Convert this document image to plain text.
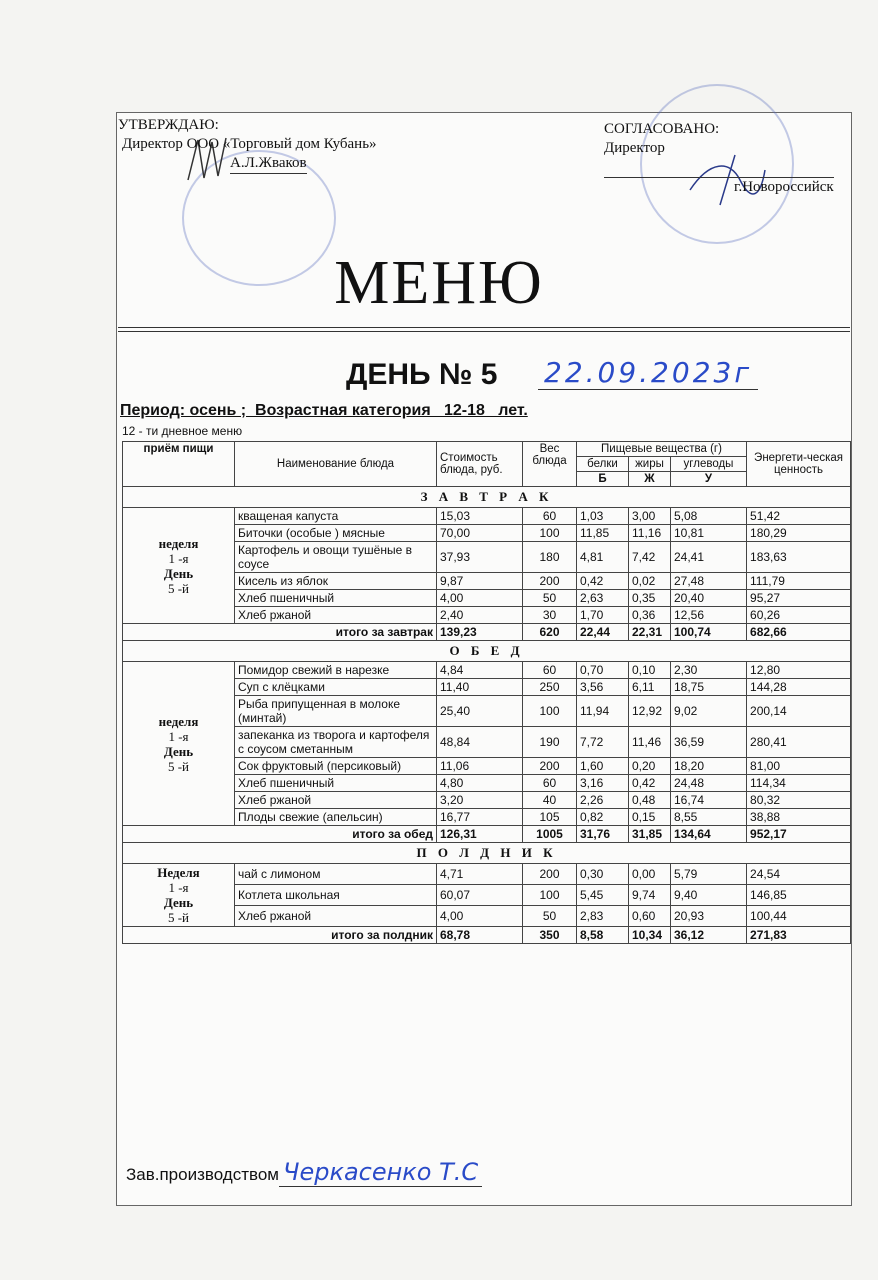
УТВЕРЖДАЮ:
Директор ООО «Торговый дом Кубань»
А.Л.Жваков
СОГЛАСОВАНО:
Директор
г.Новороссийск
МЕНЮ
ДЕНЬ № 5 22.09.2023г
Период: осень ;  Возрастная категория   12-18   лет.
12 - ти дневное меню
приём пищи	Наименование блюда	Стоимость блюда, руб.	Вес блюда	Пищевые вещества (г)			Энергети-ческая ценность
				белки	жиры	углеводы	
				Б	Ж	У	
З А В Т Р А К							

неделя
1 -я
День
5 -й	кващеная капуста	15,03	60	1,03	3,00	5,08	51,42
	Биточки (особые ) мясные	70,00	100	11,85	11,16	10,81	180,29
	Картофель и овощи тушёные в соусе	37,93	180	4,81	7,42	24,41	183,63
	Кисель из яблок	9,87	200	0,42	0,02	27,48	111,79
	Хлеб пшеничный	4,00	50	2,63	0,35	20,40	95,27
	Хлеб ржаной	2,40	30	1,70	0,36	12,56	60,26
итого за завтрак		139,23	620	22,44	22,31	100,74	682,66
О Б Е Д							

неделя
1 -я
День
5 -й	Помидор свежий в нарезке	4,84	60	0,70	0,10	2,30	12,80
	Суп с клёцками	11,40	250	3,56	6,11	18,75	144,28
	Рыба припущенная в молоке (минтай)	25,40	100	11,94	12,92	9,02	200,14
	запеканка из творога и картофеля с соусом сметанным	48,84	190	7,72	11,46	36,59	280,41
	Сок фруктовый (персиковый)	11,06	200	1,60	0,20	18,20	81,00
	Хлеб пшеничный	4,80	60	3,16	0,42	24,48	114,34
	Хлеб ржаной	3,20	40	2,26	0,48	16,74	80,32
	Плоды свежие (апельсин)	16,77	105	0,82	0,15	8,55	38,88
итого за обед		126,31	1005	31,76	31,85	134,64	952,17
П О Л Д Н И К							

Неделя
1 -я
День
5 -й	чай с лимоном	4,71	200	0,30	0,00	5,79	24,54
	Котлета школьная	60,07	100	5,45	9,74	9,40	146,85
	Хлеб ржаной	4,00	50	2,83	0,60	20,93	100,44
итого за полдник		68,78	350	8,58	10,34	36,12	271,83
Зав.производством Черкасенко Т.С
